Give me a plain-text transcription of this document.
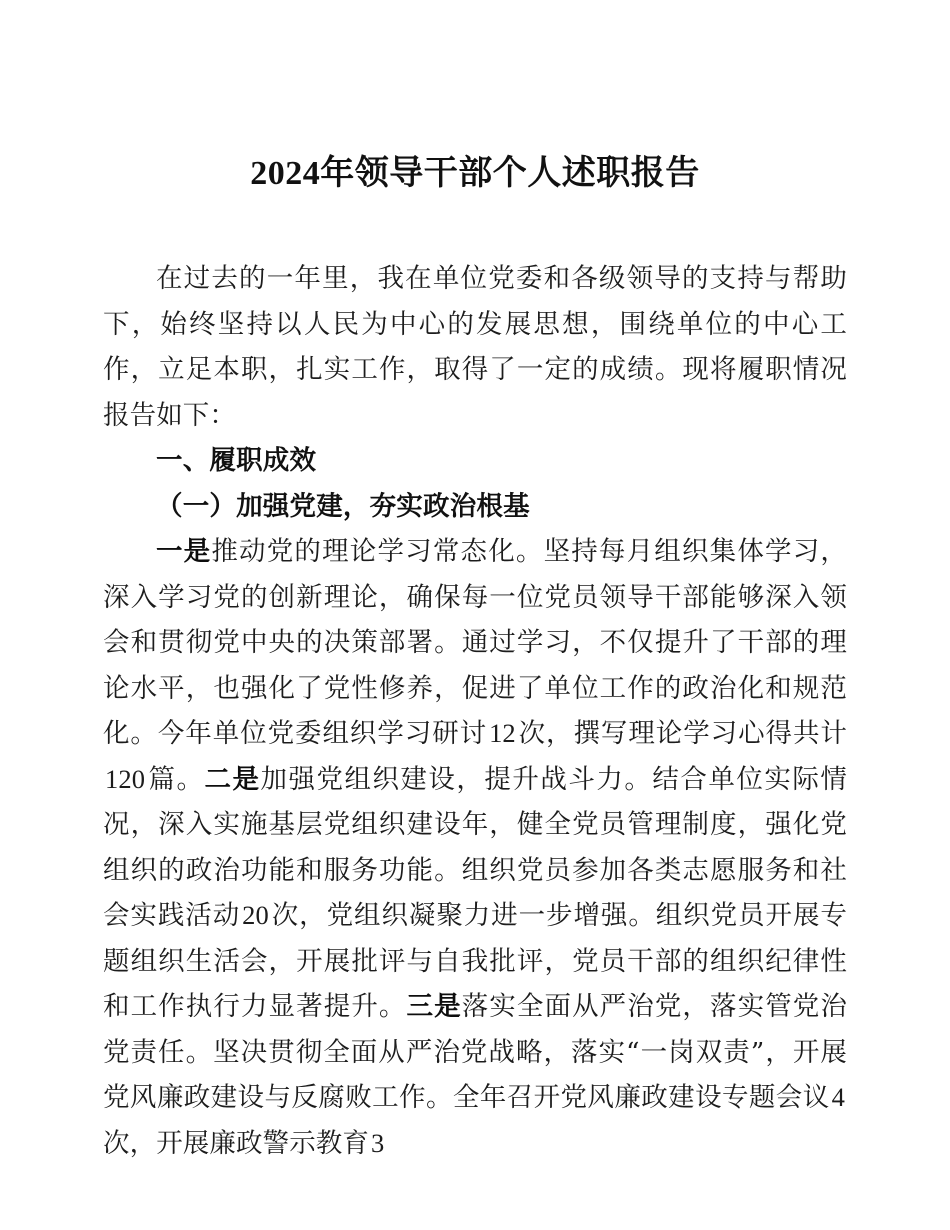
2024年领导干部个人述职报告

在过去的一年里，我在单位党委和各级领导的支持与帮助下，始终坚持以人民为中心的发展思想，围绕单位的中心工作，立足本职，扎实工作，取得了一定的成绩。现将履职情况报告如下：

一、履职成效

（一）加强党建，夯实政治根基

一是推动党的理论学习常态化。坚持每月组织集体学习，深入学习党的创新理论，确保每一位党员领导干部能够深入领会和贯彻党中央的决策部署。通过学习，不仅提升了干部的理论水平，也强化了党性修养，促进了单位工作的政治化和规范化。今年单位党委组织学习研讨12次，撰写理论学习心得共计120篇。二是加强党组织建设，提升战斗力。结合单位实际情况，深入实施基层党组织建设年，健全党员管理制度，强化党组织的政治功能和服务功能。组织党员参加各类志愿服务和社会实践活动20次，党组织凝聚力进一步增强。组织党员开展专题组织生活会，开展批评与自我批评，党员干部的组织纪律性和工作执行力显著提升。三是落实全面从严治党，落实管党治党责任。坚决贯彻全面从严治党战略，落实“一岗双责”，开展党风廉政建设与反腐败工作。全年召开党风廉政建设专题会议4次，开展廉政警示教育3
